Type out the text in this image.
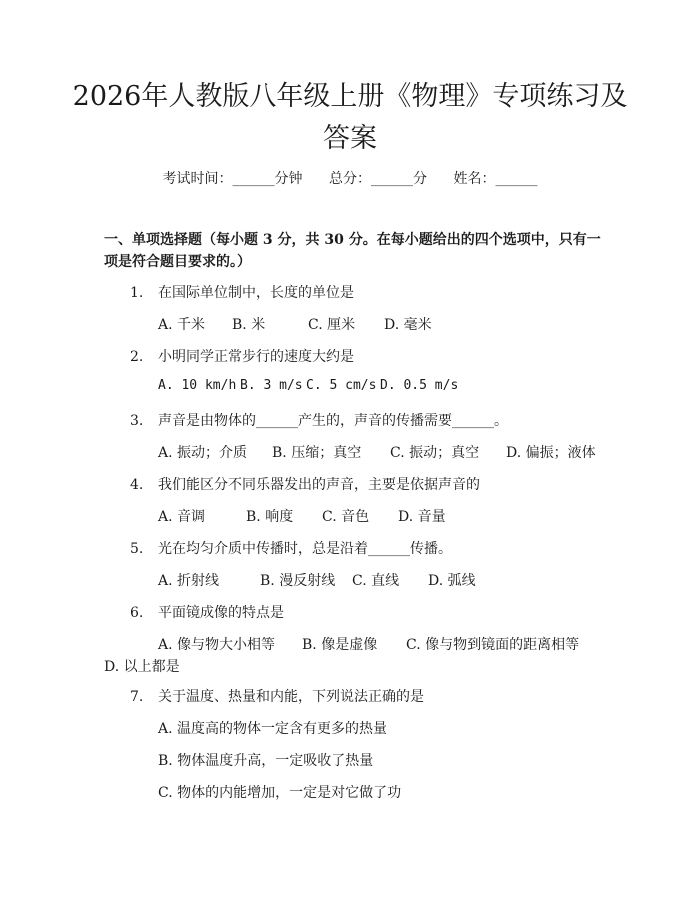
2026年人教版八年级上册《物理》专项练习及答案
考试时间：______分钟 总分：______分 姓名：______
一、单项选择题（每小题 3 分，共 30 分。在每小题给出的四个选项中，只有一项是符合题目要求的。）
1. 在国际单位制中，长度的单位是
A. 千米 B. 米	C. 厘米 D. 毫米
2. 小明同学正常步行的速度大约是
A. 10 km/h B. 3 m/s C. 5 cm/s D. 0.5 m/s
3. 声音是由物体的______产生的，声音的传播需要______。
A. 振动；介质 B. 压缩；真空 C. 振动；真空 D. 偏振；液体
4. 我们能区分不同乐器发出的声音，主要是依据声音的
A. 音调	B. 响度 C. 音色 D. 音量
5. 光在均匀介质中传播时，总是沿着______传播。
A. 折射线	B. 漫反射线 C. 直线 D. 弧线
6. 平面镜成像的特点是
A. 像与物大小相等 B. 像是虚像 C. 像与物到镜面的距离相等
D. 以上都是
7. 关于温度、热量和内能，下列说法正确的是
A. 温度高的物体一定含有更多的热量
B. 物体温度升高，一定吸收了热量
C. 物体的内能增加，一定是对它做了功
